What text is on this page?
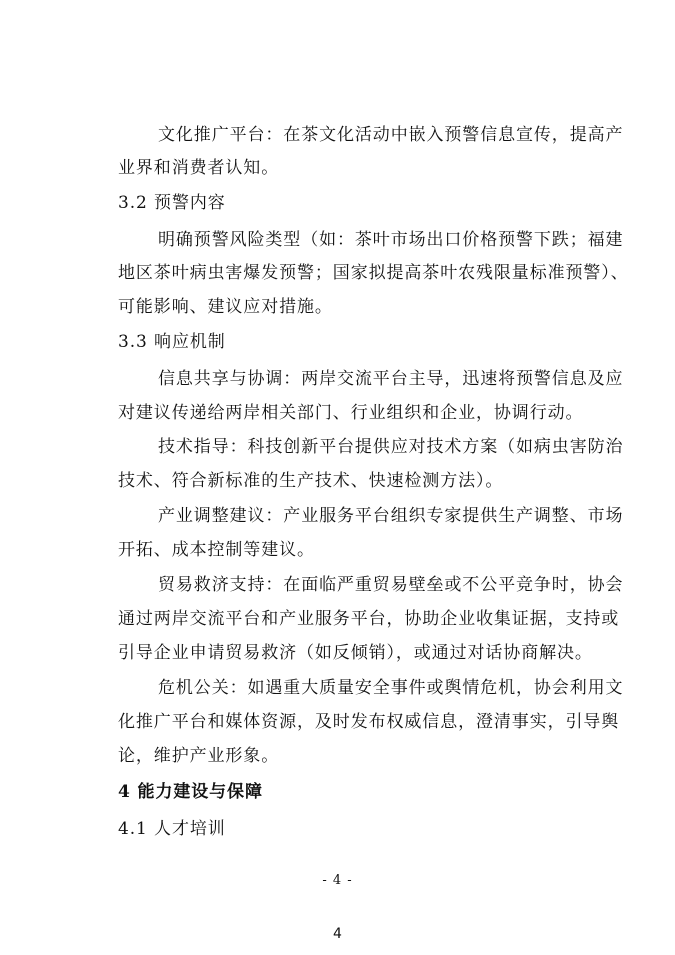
文化推广平台：在茶文化活动中嵌入预警信息宣传，提高产
业界和消费者认知。
3.2 预警内容
明确预警风险类型（如：茶叶市场出口价格预警下跌；福建
地区茶叶病虫害爆发预警；国家拟提高茶叶农残限量标准预警）、
可能影响、建议应对措施。
3.3 响应机制
信息共享与协调：两岸交流平台主导，迅速将预警信息及应
对建议传递给两岸相关部门、行业组织和企业，协调行动。
技术指导：科技创新平台提供应对技术方案（如病虫害防治
技术、符合新标准的生产技术、快速检测方法）。
产业调整建议：产业服务平台组织专家提供生产调整、市场
开拓、成本控制等建议。
贸易救济支持：在面临严重贸易壁垒或不公平竞争时，协会
通过两岸交流平台和产业服务平台，协助企业收集证据，支持或
引导企业申请贸易救济（如反倾销），或通过对话协商解决。
危机公关：如遇重大质量安全事件或舆情危机，协会利用文
化推广平台和媒体资源，及时发布权威信息，澄清事实，引导舆
论，维护产业形象。
4 能力建设与保障
4.1 人才培训
- 4 -
4
